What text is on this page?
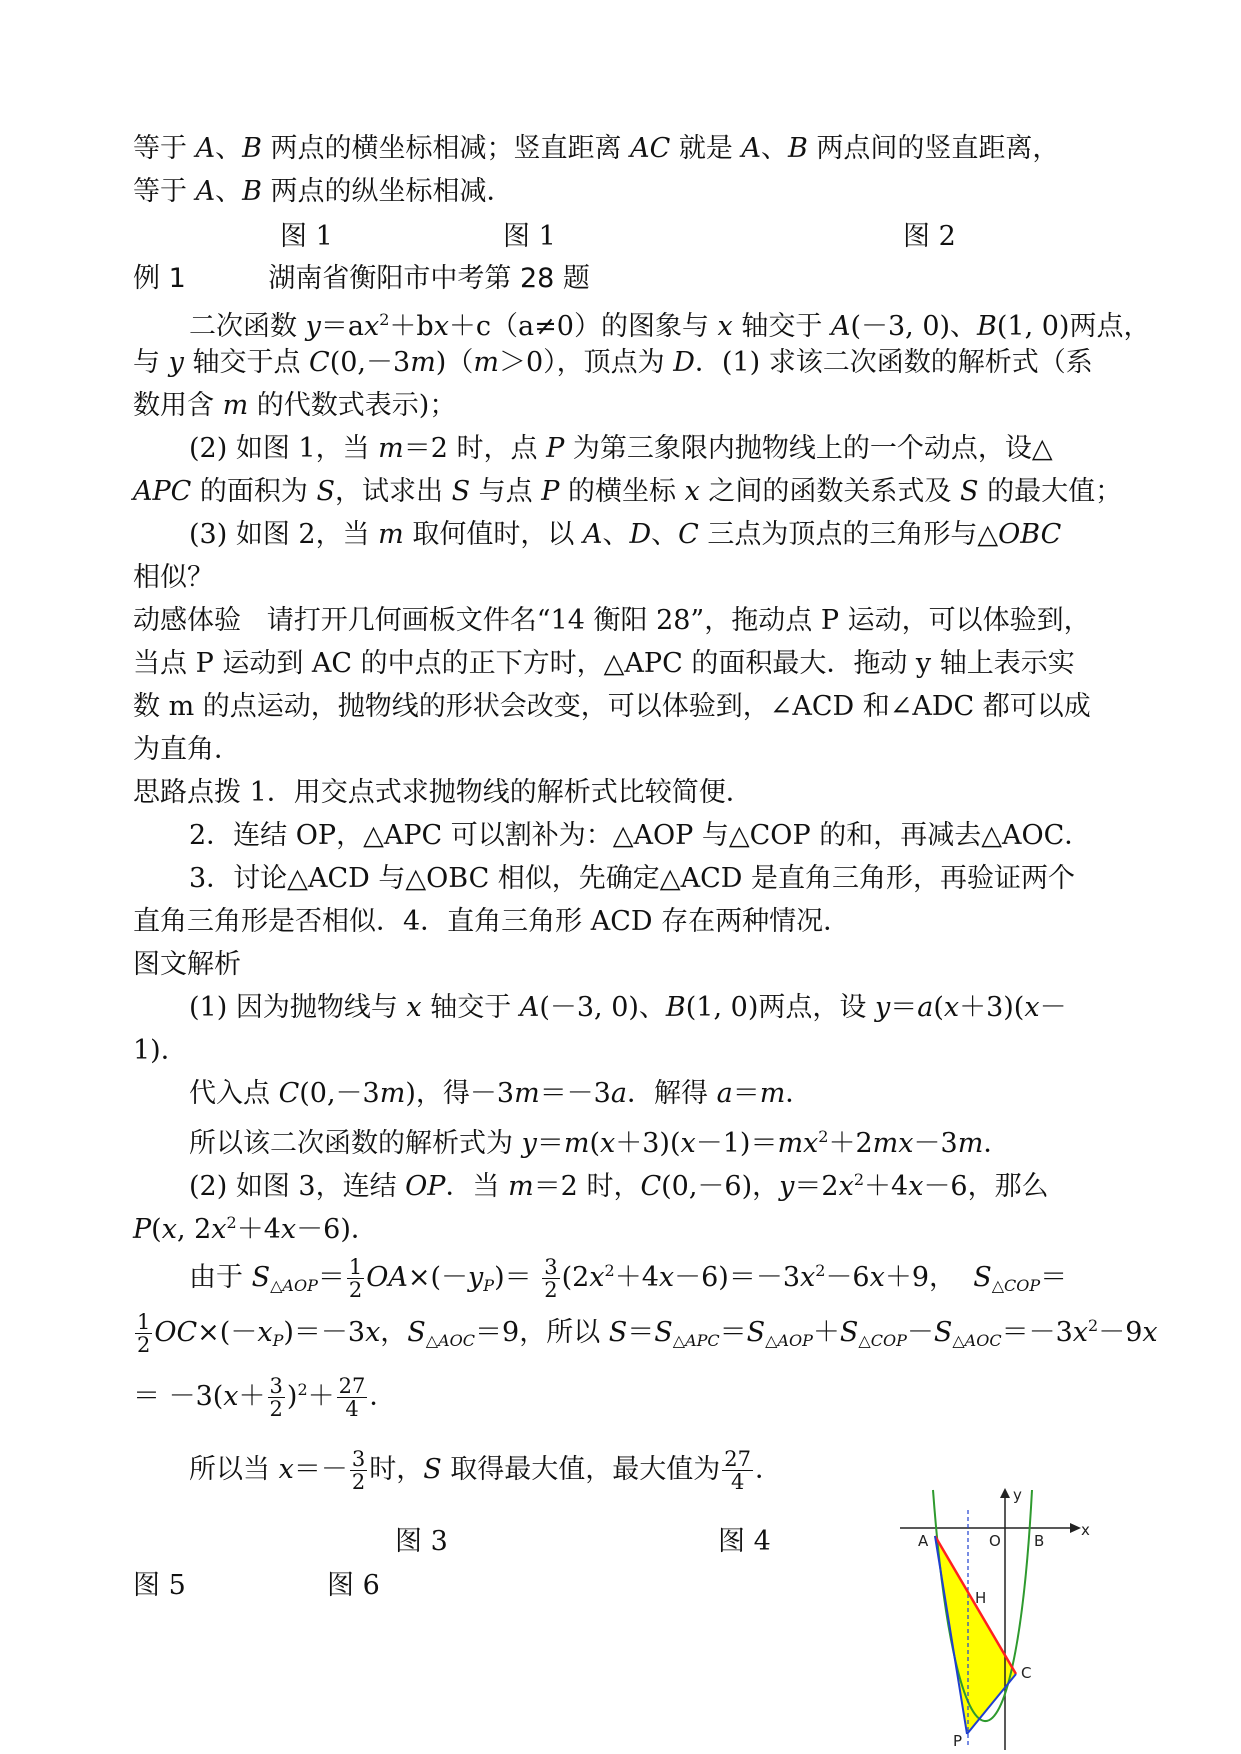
等于 A、B 两点的横坐标相减；竖直距离 AC 就是 A、B 两点间的竖直距离，
等于 A、B 两点的纵坐标相减．
图 1	图 1	图 2
例 1	湖南省衡阳市中考第 28 题
二次函数 $y=ax^2+bx+c(a\ne 0)$的图象与 x 轴交于 A(－3, 0)、B(1, 0)两点，
与 y 轴交于点 C(0,－3m)（m＞0），顶点为 D．(1) 求该二次函数的解析式（系
数用含 m 的代数式表示)；
(2) 如图 1，当 m＝2 时，点 P 为第三象限内抛物线上的一个动点，设△
APC 的面积为 S，试求出 S 与点 P 的横坐标 x 之间的函数关系式及 S 的最大值；
(3) 如图 2，当 m 取何值时，以 A、D、C 三点为顶点的三角形与△OBC
相似？
动感体验 请打开几何画板文件名“14 衡阳 28”，拖动点 P 运动，可以体验到，
当点 P 运动到 AC 的中点的正下方时，△APC 的面积最大．拖动 y 轴上表示实
数 m 的点运动，抛物线的形状会改变，可以体验到，∠ACD 和∠ADC 都可以成
为直角．
思路点拨 1．用交点式求抛物线的解析式比较简便．
2．连结 OP，△APC 可以割补为：△AOP 与△COP 的和，再减去△AOC．
3．讨论△ACD 与△OBC 相似，先确定△ACD 是直角三角形，再验证两个
直角三角形是否相似．4．直角三角形 ACD 存在两种情况．
图文解析
(1) 因为抛物线与 x 轴交于 A(－3, 0)、B(1, 0)两点，设 y＝a(x＋3)(x－
1)．
代入点 C(0,－3m)，得－3m＝－3a．解得 a＝m．
所以该二次函数的解析式为 $y=m(x+3)(x-1)=mx^2+2mx-3m$．
(2) 如图 3，连结 OP．当 m＝2 时，C(0,－6)，$y=2x^2+4x-6$，那么
P(x, $2x^2+4x-6$)．
由于 $S_{\triangle AOP}= \frac{1}{2} OA\times(-y_P)= \frac{3}{2} (2x^2+4x-6)=-3x^2-6x+9$，  $S_{\triangle COP}=$
$\frac{1}{2} OC\times(-x_P)=-3x$，$S_{\triangle AOC}=9$，所以 $S=S_{\triangle APC}=S_{\triangle AOP}+S_{\triangle COP}-S_{\triangle AOC}=-3x^2-9x$
＝ $-3(x+ \frac{3}{2} )^2+ \frac{27}{4}$ ．
所以当 $x=- \frac{3}{2}$ 时，S 取得最大值，最大值为 $\frac{27}{4}$ ．
图 3	图 4
图 5	图 6
y
x
A	O B
H
C
P
